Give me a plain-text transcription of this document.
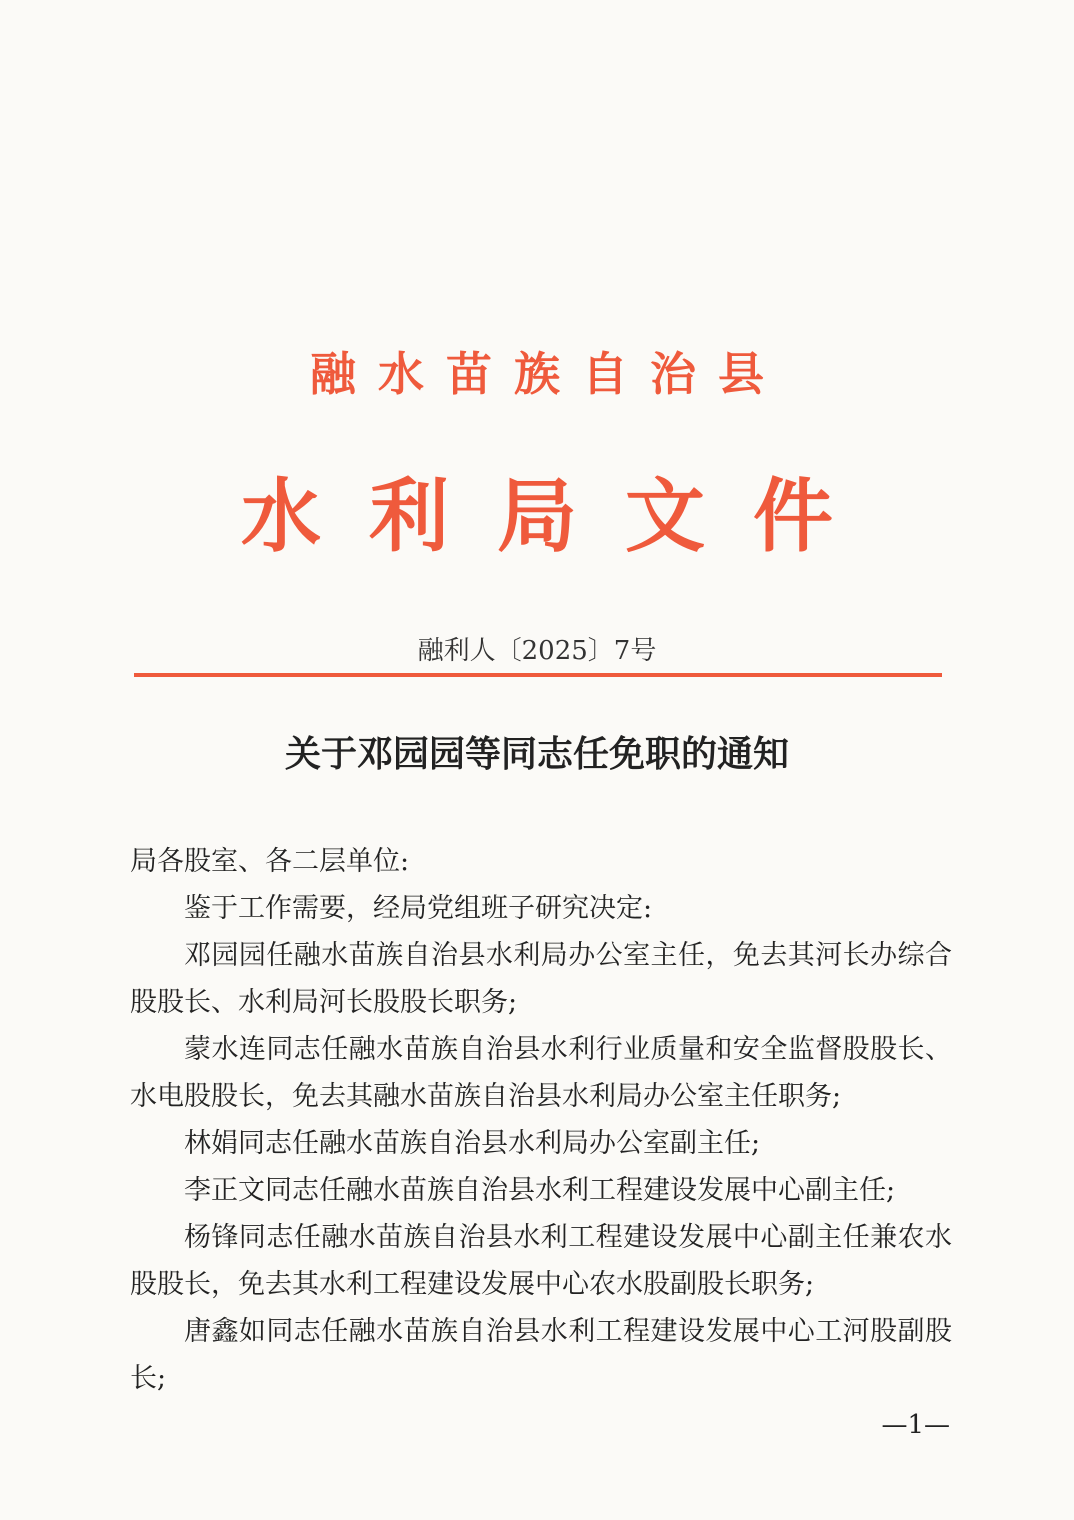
融水苗族自治县
水利局文件
融利人〔2025〕7号
关于邓园园等同志任免职的通知

局各股室、各二层单位:

鉴于工作需要，经局党组班子研究决定:

邓园园任融水苗族自治县水利局办公室主任，免去其河长办综合股股长、水利局河长股股长职务;

蒙水连同志任融水苗族自治县水利行业质量和安全监督股股长、水电股股长，免去其融水苗族自治县水利局办公室主任职务;

林娟同志任融水苗族自治县水利局办公室副主任;

李正文同志任融水苗族自治县水利工程建设发展中心副主任;

杨锋同志任融水苗族自治县水利工程建设发展中心副主任兼农水股股长，免去其水利工程建设发展中心农水股副股长职务;

唐鑫如同志任融水苗族自治县水利工程建设发展中心工河股副股长;

—1—
